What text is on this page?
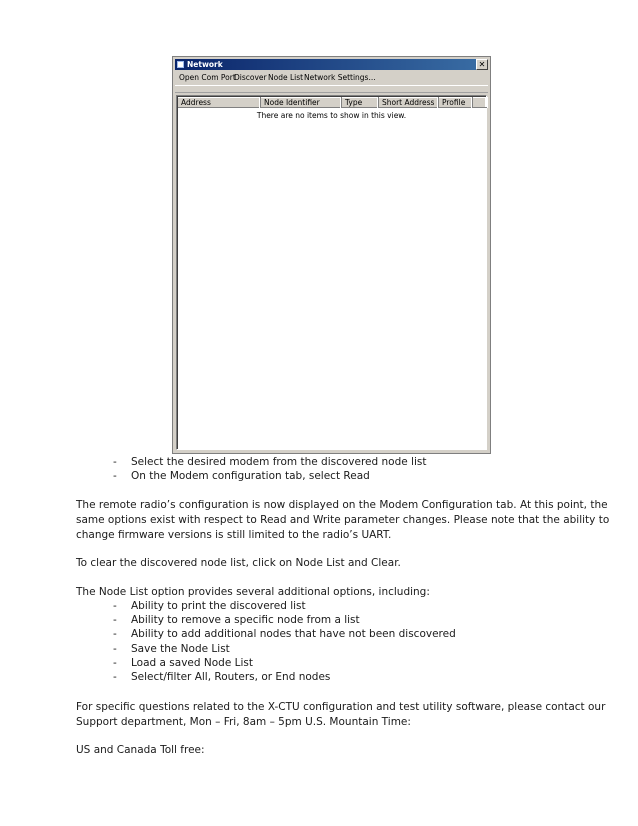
Network	✕
Open Com Port
Discover Node List Network Settings...
Address	Node Identifier	Type	Short Address	Profile
There are no items to show in this view.
- Select the desired modem from the discovered node list
- On the Modem configuration tab, select Read
The remote radio’s configuration is now displayed on the Modem Configuration tab. At this point, the
same options exist with respect to Read and Write parameter changes. Please note that the ability to
change firmware versions is still limited to the radio’s UART.
To clear the discovered node list, click on Node List and Clear.
The Node List option provides several additional options, including:
- Ability to print the discovered list
- Ability to remove a specific node from a list
- Ability to add additional nodes that have not been discovered
- Save the Node List
- Load a saved Node List
- Select/filter All, Routers, or End nodes
For specific questions related to the X-CTU configuration and test utility software, please contact our
Support department, Mon – Fri, 8am – 5pm U.S. Mountain Time:
US and Canada Toll free:
